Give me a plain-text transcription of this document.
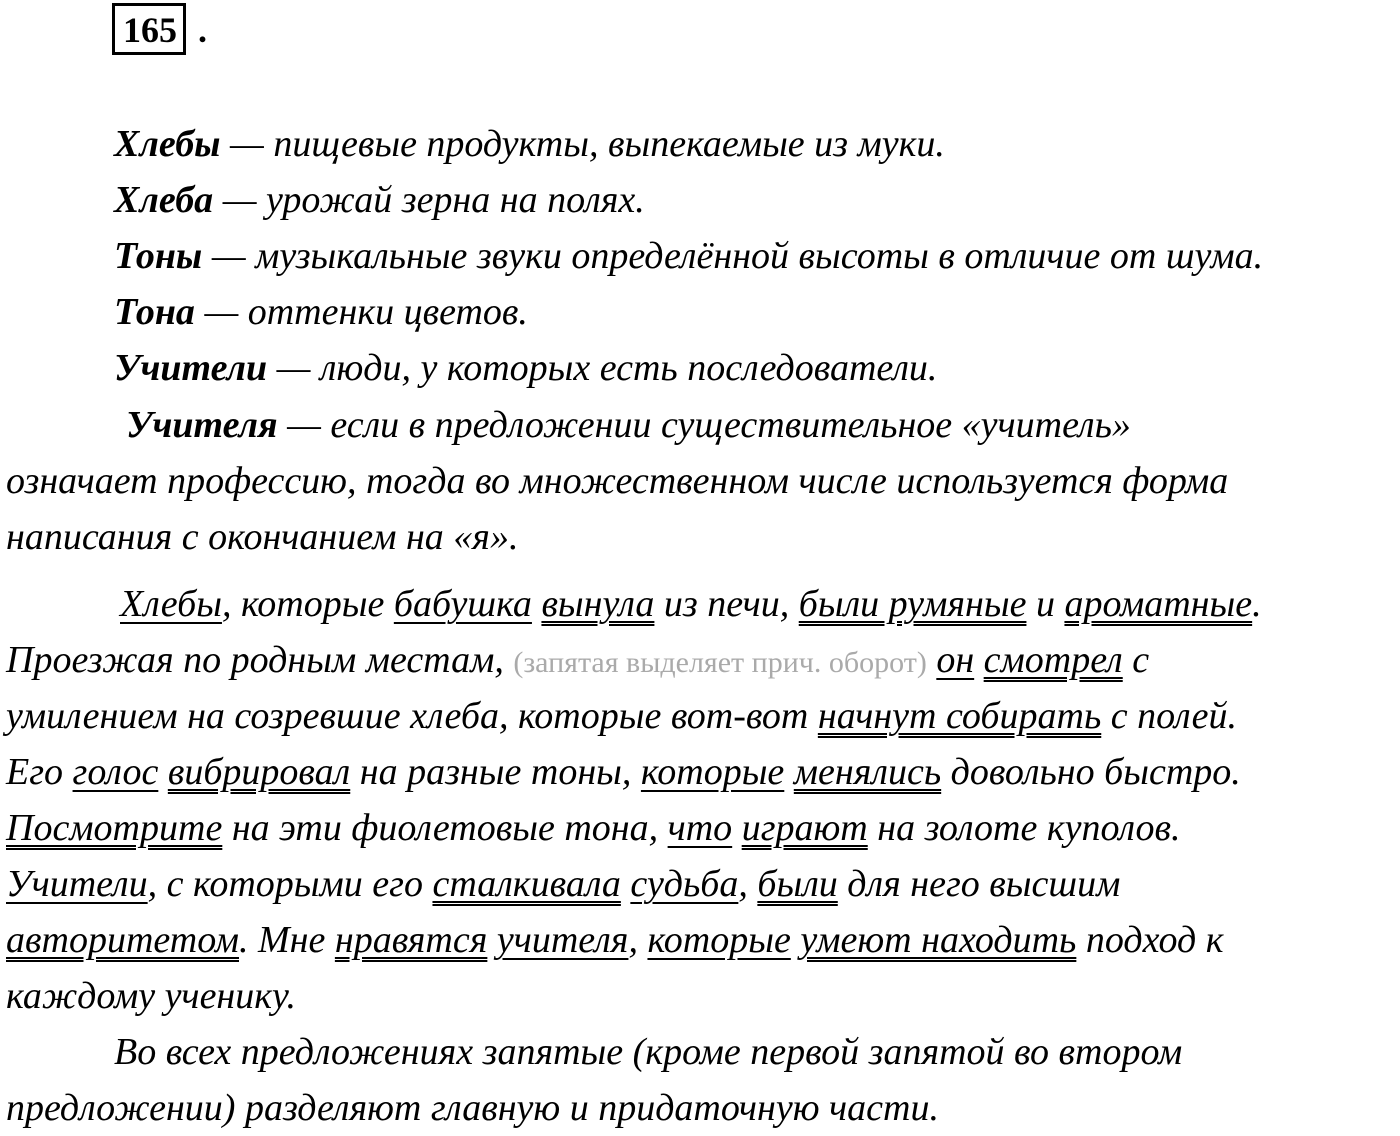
165 .
Хлебы — пищевые продукты, выпекаемые из муки.
Хлеба — урожай зерна на полях.
Тоны — музыкальные звуки определённой высоты в отличие от шума.
Тона — оттенки цветов.
Учители — люди, у которых есть последователи.
Учителя — если в предложении существительное «учитель»
означает профессию, тогда во множественном числе используется форма
написания с окончанием на «я».
Хлебы, которые бабушка вынула из печи, были румяные и ароматные.
Проезжая по родным местам, (запятая выделяет прич. оборот) он смотрел с
умилением на созревшие хлеба, которые вот-вот начнут собирать с полей.
Его голос вибрировал на разные тоны, которые менялись довольно быстро.
Посмотрите на эти фиолетовые тона, что играют на золоте куполов.
Учители, с которыми его сталкивала судьба, были для него высшим
авторитетом. Мне нравятся учителя, которые умеют находить подход к
каждому ученику.
Во всех предложениях запятые (кроме первой запятой во втором
предложении) разделяют главную и придаточную части.
